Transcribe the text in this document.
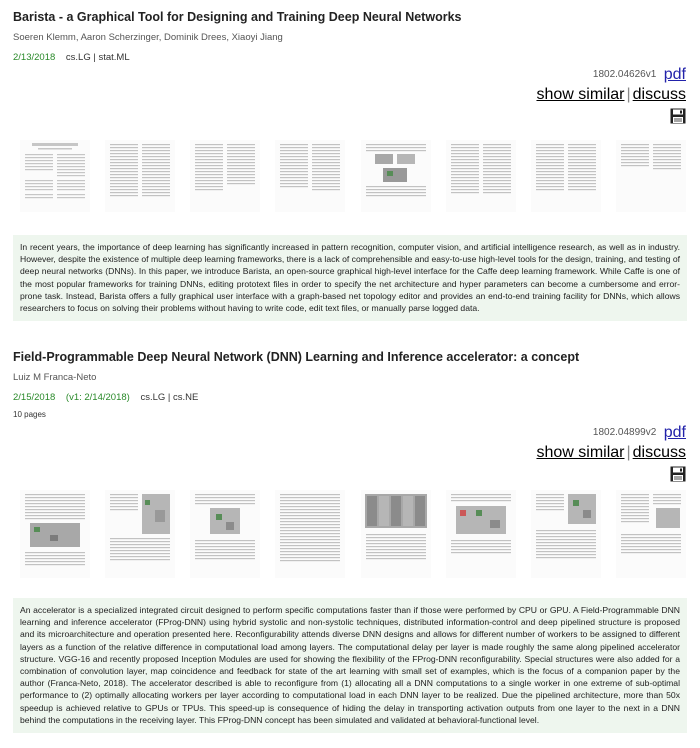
Barista - a Graphical Tool for Designing and Training Deep Neural Networks
Soeren Klemm, Aaron Scherzinger, Dominik Drees, Xiaoyi Jiang
2/13/2018 cs.LG | stat.ML
1802.04626v1 pdf
show similar | discuss
In recent years, the importance of deep learning has significantly increased in pattern recognition, computer vision, and artificial intelligence research, as well as in industry. However, despite the existence of multiple deep learning frameworks, there is a lack of comprehensible and easy-to-use high-level tools for the design, training, and testing of deep neural networks (DNNs). In this paper, we introduce Barista, an open-source graphical high-level interface for the Caffe deep learning framework. While Caffe is one of the most popular frameworks for training DNNs, editing prototext files in order to specify the net architecture and hyper parameters can become a cumbersome and error-prone task. Instead, Barista offers a fully graphical user interface with a graph-based net topology editor and provides an end-to-end training facility for DNNs, which allows researchers to focus on solving their problems without having to write code, edit text files, or manually parse logged data.
Field-Programmable Deep Neural Network (DNN) Learning and Inference accelerator: a concept
Luiz M Franca-Neto
2/15/2018 (v1: 2/14/2018) cs.LG | cs.NE
10 pages
1802.04899v2 pdf
show similar | discuss
An accelerator is a specialized integrated circuit designed to perform specific computations faster than if those were performed by CPU or GPU. A Field-Programmable DNN learning and inference accelerator (FProg-DNN) using hybrid systolic and non-systolic techniques, distributed information-control and deep pipelined structure is proposed and its microarchitecture and operation presented here. Reconfigurability attends diverse DNN designs and allows for different number of workers to be assigned to different layers as a function of the relative difference in computational load among layers. The computational delay per layer is made roughly the same along pipelined accelerator structure. VGG-16 and recently proposed Inception Modules are used for showing the flexibility of the FProg-DNN reconfigurability. Special structures were also added for a combination of convolution layer, map coincidence and feedback for state of the art learning with small set of examples, which is the focus of a companion paper by the author (Franca-Neto, 2018). The accelerator described is able to reconfigure from (1) allocating all a DNN computations to a single worker in one extreme of sub-optimal performance to (2) optimally allocating workers per layer according to computational load in each DNN layer to be realized. Due the pipelined architecture, more than 50x speedup is achieved relative to GPUs or TPUs. This speed-up is consequence of hiding the delay in transporting activation outputs from one layer to the next in a DNN behind the computations in the receiving layer. This FProg-DNN concept has been simulated and validated at behavioral-functional level.
